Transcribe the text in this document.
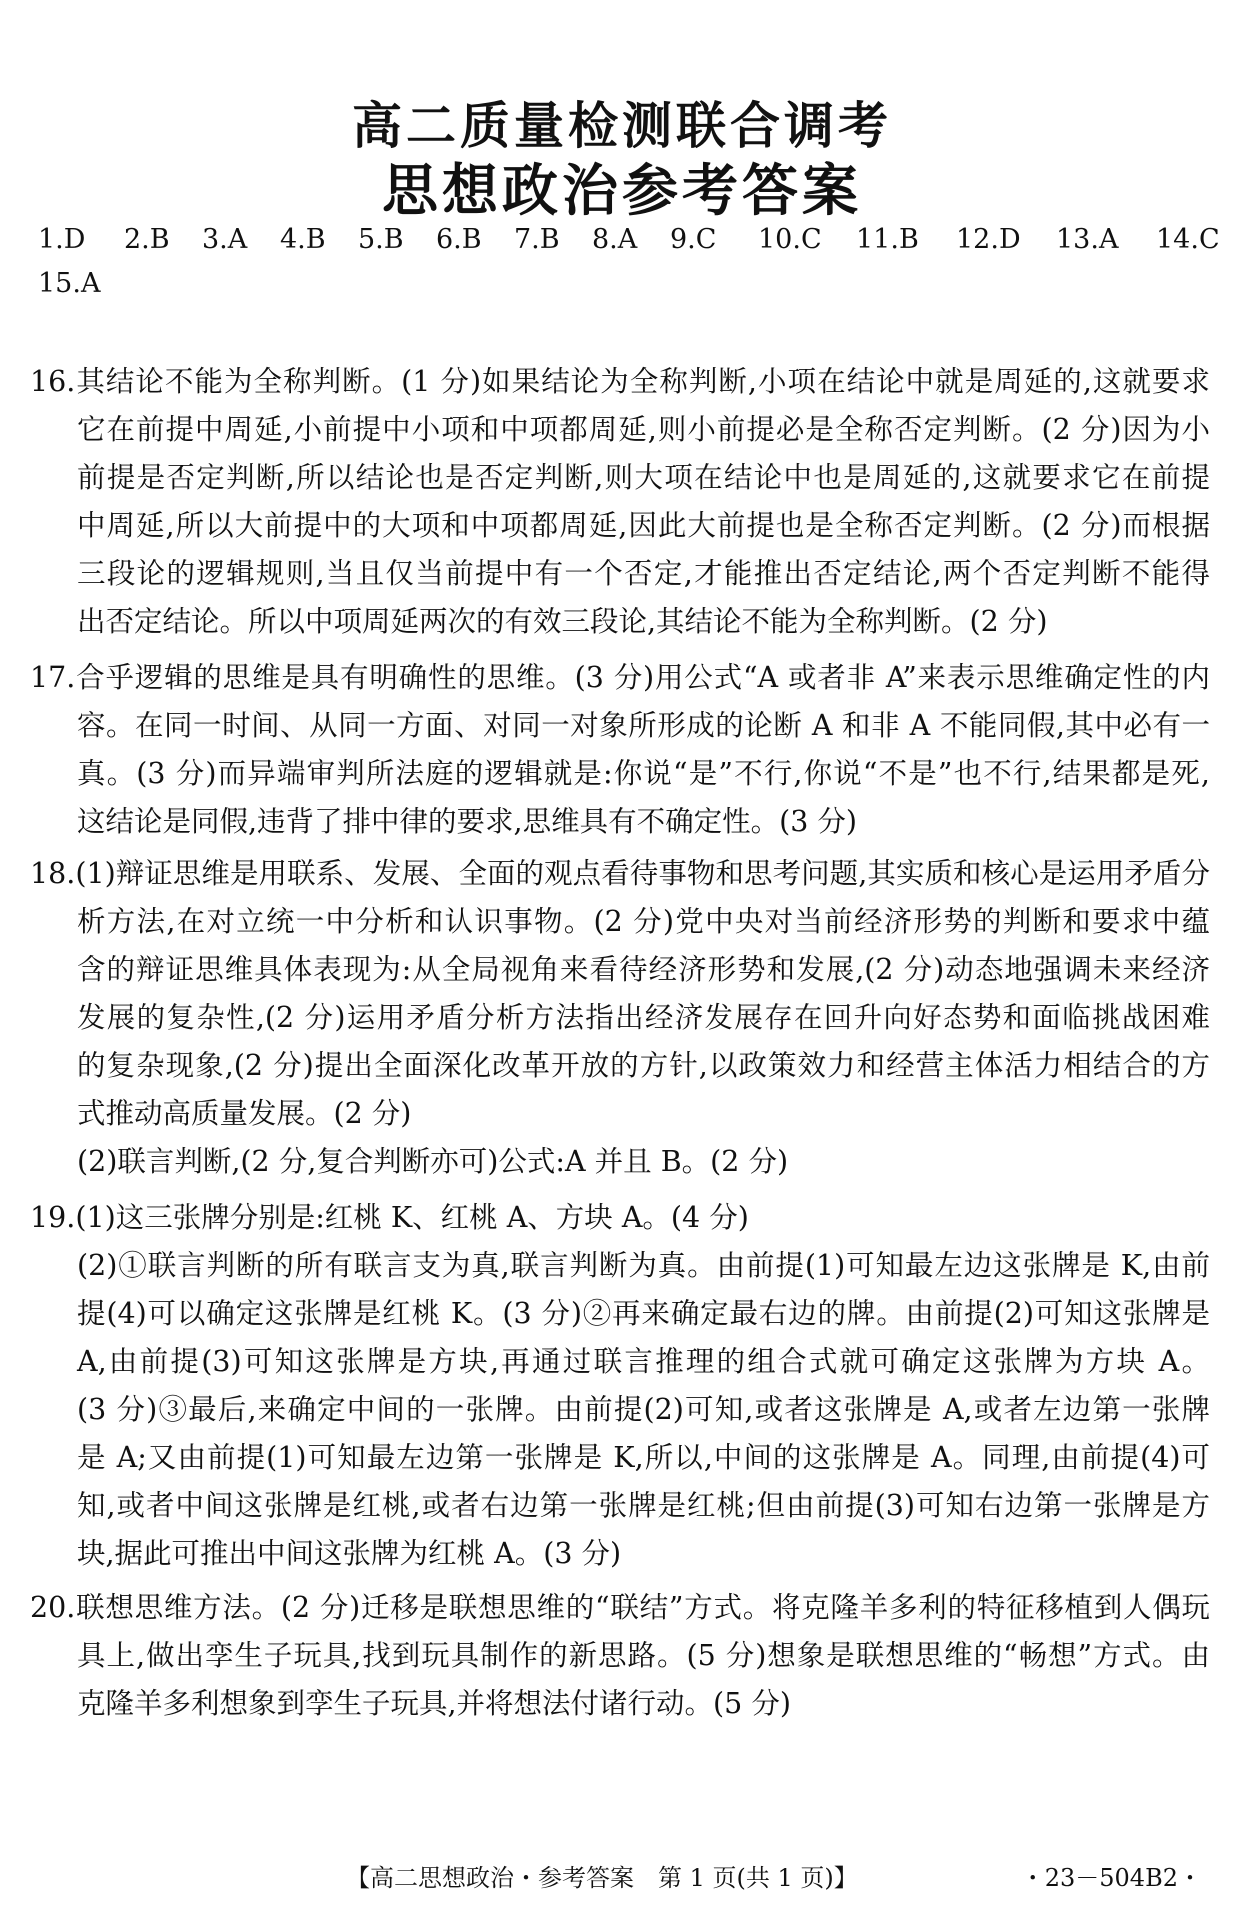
高二质量检测联合调考
思想政治参考答案
1.D 2.B 3.A 4.B 5.B 6.B 7.B 8.A 9.C 10.C 11.B 12.D 13.A 14.C
15.A
16.其结论不能为全称判断。(1 分)如果结论为全称判断,小项在结论中就是周延的,这就要求
它在前提中周延,小前提中小项和中项都周延,则小前提必是全称否定判断。(2 分)因为小
前提是否定判断,所以结论也是否定判断,则大项在结论中也是周延的,这就要求它在前提
中周延,所以大前提中的大项和中项都周延,因此大前提也是全称否定判断。(2 分)而根据
三段论的逻辑规则,当且仅当前提中有一个否定,才能推出否定结论,两个否定判断不能得
出否定结论。所以中项周延两次的有效三段论,其结论不能为全称判断。(2 分)
17.合乎逻辑的思维是具有明确性的思维。(3 分)用公式“A 或者非 A”来表示思维确定性的内
容。在同一时间、从同一方面、对同一对象所形成的论断 A 和非 A 不能同假,其中必有一
真。(3 分)而异端审判所法庭的逻辑就是:你说“是”不行,你说“不是”也不行,结果都是死,
这结论是同假,违背了排中律的要求,思维具有不确定性。(3 分)
18.(1)辩证思维是用联系、发展、全面的观点看待事物和思考问题,其实质和核心是运用矛盾分
析方法,在对立统一中分析和认识事物。(2 分)党中央对当前经济形势的判断和要求中蕴
含的辩证思维具体表现为:从全局视角来看待经济形势和发展,(2 分)动态地强调未来经济
发展的复杂性,(2 分)运用矛盾分析方法指出经济发展存在回升向好态势和面临挑战困难
的复杂现象,(2 分)提出全面深化改革开放的方针,以政策效力和经营主体活力相结合的方
式推动高质量发展。(2 分)
(2)联言判断,(2 分,复合判断亦可)公式:A 并且 B。(2 分)
19.(1)这三张牌分别是:红桃 K、红桃 A、方块 A。(4 分)
(2)①联言判断的所有联言支为真,联言判断为真。由前提(1)可知最左边这张牌是 K,由前
提(4)可以确定这张牌是红桃 K。(3 分)②再来确定最右边的牌。由前提(2)可知这张牌是
A,由前提(3)可知这张牌是方块,再通过联言推理的组合式就可确定这张牌为方块 A。
(3 分)③最后,来确定中间的一张牌。由前提(2)可知,或者这张牌是 A,或者左边第一张牌
是 A;又由前提(1)可知最左边第一张牌是 K,所以,中间的这张牌是 A。同理,由前提(4)可
知,或者中间这张牌是红桃,或者右边第一张牌是红桃;但由前提(3)可知右边第一张牌是方
块,据此可推出中间这张牌为红桃 A。(3 分)
20.联想思维方法。(2 分)迁移是联想思维的“联结”方式。将克隆羊多利的特征移植到人偶玩
具上,做出孪生子玩具,找到玩具制作的新思路。(5 分)想象是联想思维的“畅想”方式。由
克隆羊多利想象到孪生子玩具,并将想法付诸行动。(5 分)
【高二思想政治・参考答案　第 1 页(共 1 页)】	・23－504B2・
